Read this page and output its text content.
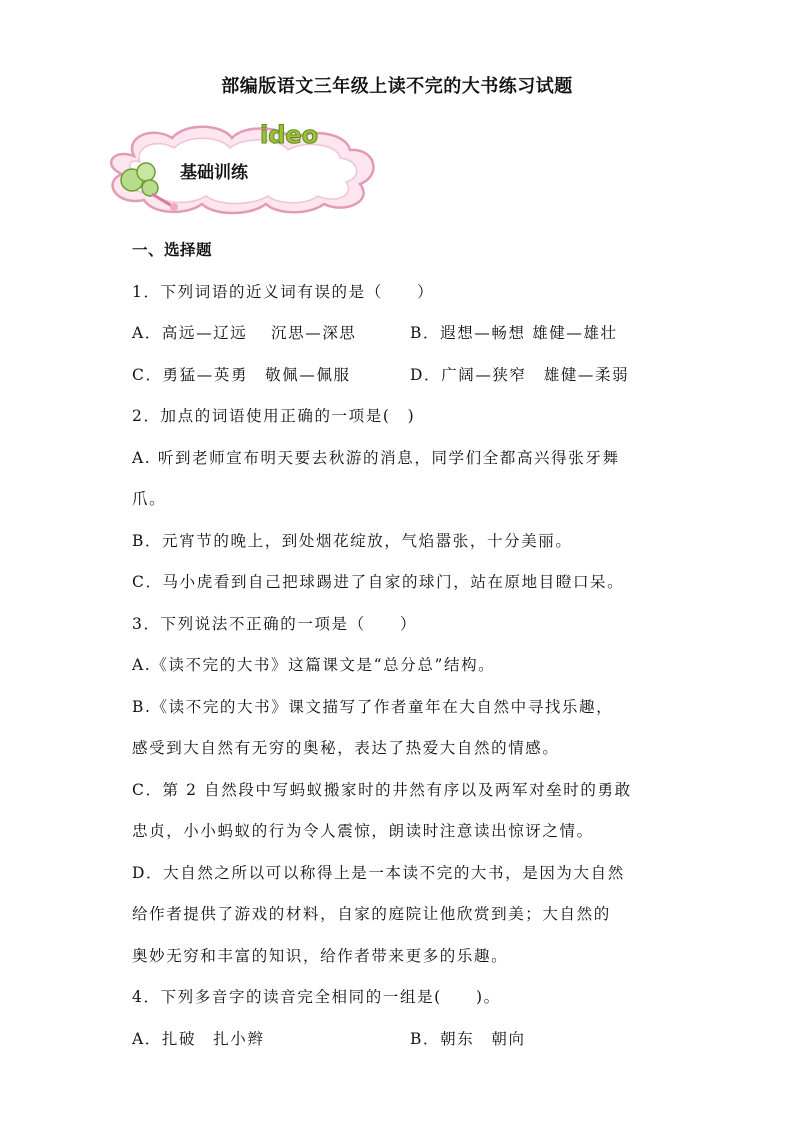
部编版语文三年级上读不完的大书练习试题
ideo
基础训练
一、选择题
1．下列词语的近义词有误的是（　　）
A．高远—辽远　 沉思—深思	B．遐想—畅想 雄健—雄壮
C．勇猛—英勇　敬佩—佩服	D．广阔—狭窄　雄健—柔弱
2．加点的词语使用正确的一项是(　)
A. 听到老师宣布明天要去秋游的消息，同学们全都高兴得张牙舞
爪。
B．元宵节的晚上，到处烟花绽放，气焰嚣张，十分美丽。
C．马小虎看到自己把球踢进了自家的球门，站在原地目瞪口呆。
3．下列说法不正确的一项是（　　）
A.《读不完的大书》这篇课文是“总分总”结构。
B.《读不完的大书》课文描写了作者童年在大自然中寻找乐趣，
感受到大自然有无穷的奥秘，表达了热爱大自然的情感。
C．第 2 自然段中写蚂蚁搬家时的井然有序以及两军对垒时的勇敢
忠贞，小小蚂蚁的行为令人震惊，朗读时注意读出惊讶之情。
D．大自然之所以可以称得上是一本读不完的大书，是因为大自然
给作者提供了游戏的材料，自家的庭院让他欣赏到美；大自然的
奥妙无穷和丰富的知识，给作者带来更多的乐趣。
4．下列多音字的读音完全相同的一组是(　　)。
A．扎破　扎小辫	B．朝东　朝向
